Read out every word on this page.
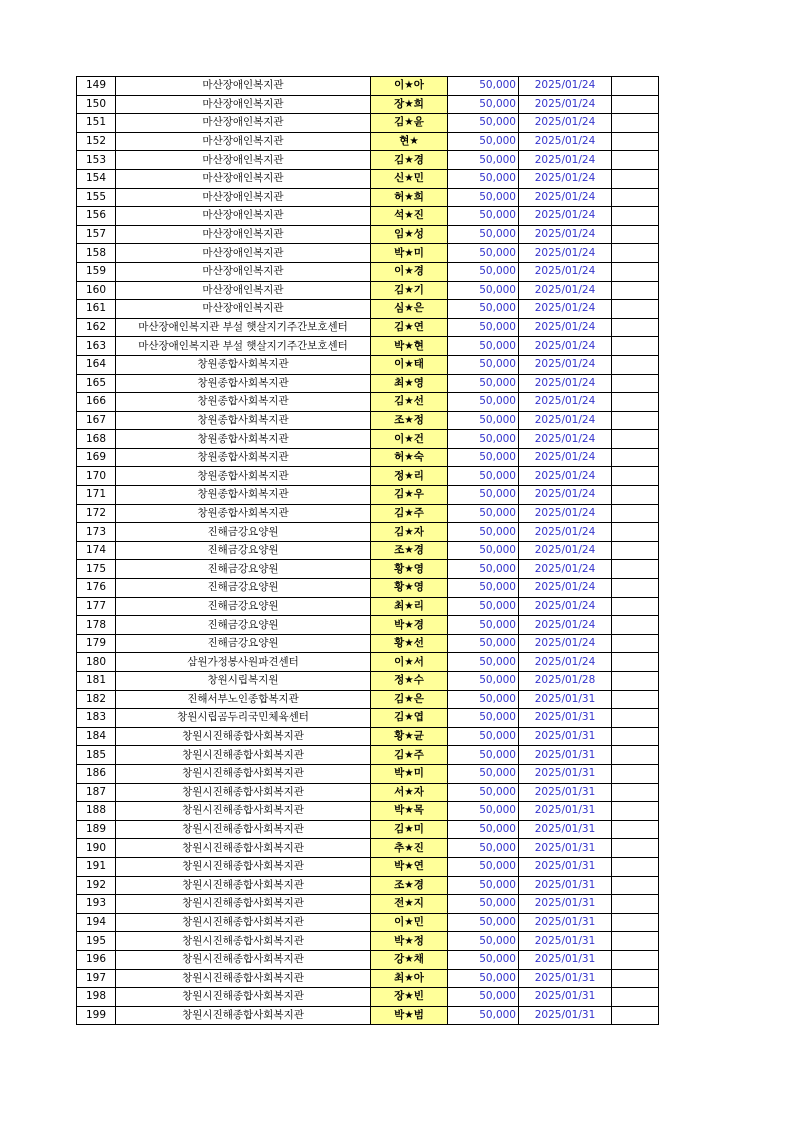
149	마산장애인복지관	이★아	50,000	2025/01/24	
150	마산장애인복지관	장★희	50,000	2025/01/24	
151	마산장애인복지관	김★윤	50,000	2025/01/24	
152	마산장애인복지관	현★	50,000	2025/01/24	
153	마산장애인복지관	김★경	50,000	2025/01/24	
154	마산장애인복지관	신★민	50,000	2025/01/24	
155	마산장애인복지관	허★희	50,000	2025/01/24	
156	마산장애인복지관	석★진	50,000	2025/01/24	
157	마산장애인복지관	임★성	50,000	2025/01/24	
158	마산장애인복지관	박★미	50,000	2025/01/24	
159	마산장애인복지관	이★경	50,000	2025/01/24	
160	마산장애인복지관	김★기	50,000	2025/01/24	
161	마산장애인복지관	심★은	50,000	2025/01/24	
162	마산장애인복지관 부설 햇살지기주간보호센터	김★연	50,000	2025/01/24	
163	마산장애인복지관 부설 햇살지기주간보호센터	박★현	50,000	2025/01/24	
164	창원종합사회복지관	이★태	50,000	2025/01/24	
165	창원종합사회복지관	최★영	50,000	2025/01/24	
166	창원종합사회복지관	김★선	50,000	2025/01/24	
167	창원종합사회복지관	조★정	50,000	2025/01/24	
168	창원종합사회복지관	이★건	50,000	2025/01/24	
169	창원종합사회복지관	허★숙	50,000	2025/01/24	
170	창원종합사회복지관	정★리	50,000	2025/01/24	
171	창원종합사회복지관	김★우	50,000	2025/01/24	
172	창원종합사회복지관	김★주	50,000	2025/01/24	
173	진해금강요양원	김★자	50,000	2025/01/24	
174	진해금강요양원	조★경	50,000	2025/01/24	
175	진해금강요양원	황★영	50,000	2025/01/24	
176	진해금강요양원	황★영	50,000	2025/01/24	
177	진해금강요양원	최★리	50,000	2025/01/24	
178	진해금강요양원	박★경	50,000	2025/01/24	
179	진해금강요양원	황★선	50,000	2025/01/24	
180	삼원가정봉사원파견센터	이★서	50,000	2025/01/24	
181	창원시립복지원	정★수	50,000	2025/01/28	
182	진해서부노인종합복지관	김★은	50,000	2025/01/31	
183	창원시립곰두리국민체육센터	김★엽	50,000	2025/01/31	
184	창원시진해종합사회복지관	황★균	50,000	2025/01/31	
185	창원시진해종합사회복지관	김★주	50,000	2025/01/31	
186	창원시진해종합사회복지관	박★미	50,000	2025/01/31	
187	창원시진해종합사회복지관	서★자	50,000	2025/01/31	
188	창원시진해종합사회복지관	박★목	50,000	2025/01/31	
189	창원시진해종합사회복지관	김★미	50,000	2025/01/31	
190	창원시진해종합사회복지관	추★진	50,000	2025/01/31	
191	창원시진해종합사회복지관	박★연	50,000	2025/01/31	
192	창원시진해종합사회복지관	조★경	50,000	2025/01/31	
193	창원시진해종합사회복지관	전★지	50,000	2025/01/31	
194	창원시진해종합사회복지관	이★민	50,000	2025/01/31	
195	창원시진해종합사회복지관	박★정	50,000	2025/01/31	
196	창원시진해종합사회복지관	강★채	50,000	2025/01/31	
197	창원시진해종합사회복지관	최★아	50,000	2025/01/31	
198	창원시진해종합사회복지관	장★빈	50,000	2025/01/31	
199	창원시진해종합사회복지관	박★범	50,000	2025/01/31	
